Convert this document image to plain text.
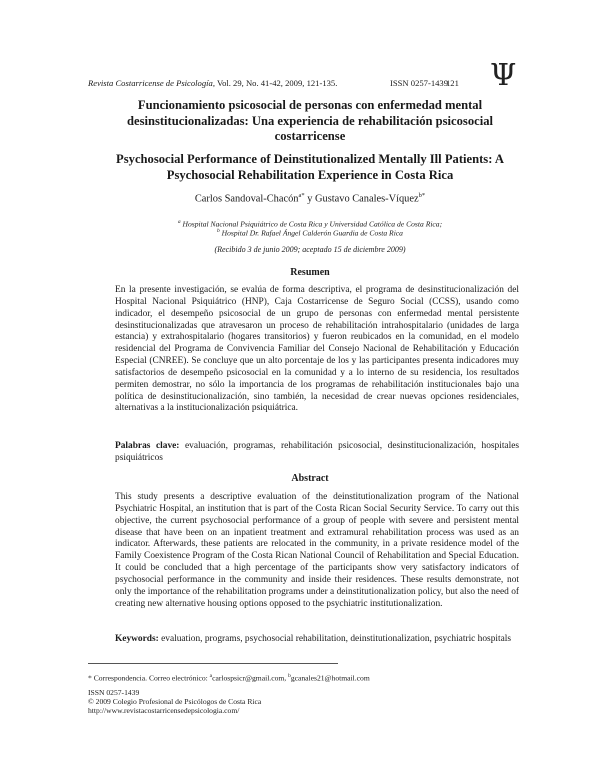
Revista Costarricense de Psicología, Vol. 29, No. 41-42, 2009, 121-135.	ISSN 0257-1439
121 Ψ
Funcionamiento psicosocial de personas con enfermedad mental desinstitucionalizadas: Una experiencia de rehabilitación psicosocial costarricense
Psychosocial Performance of Deinstitutionalized Mentally Ill Patients: A Psychosocial Rehabilitation Experience in Costa Rica
Carlos Sandoval-Chacón$^{a*}$ y Gustavo Canales-Víquez$^{b*}$
$^a$ Hospital Nacional Psiquiátrico de Costa Rica y Universidad Católica de Costa Rica;
$^b$ Hospital Dr. Rafael Ángel Calderón Guardia de Costa Rica
(Recibido 3 de junio 2009; aceptado 15 de diciembre 2009)
Resumen
En la presente investigación, se evalúa de forma descriptiva, el programa de desinstitucionalización del Hospital Nacional Psiquiátrico (HNP), Caja Costarricense de Seguro Social (CCSS), usando como indicador, el desempeño psicosocial de un grupo de personas con enfermedad mental persistente desinstitucionalizadas que atravesaron un proceso de rehabilitación intrahospitalario (unidades de larga estancia) y extrahospitalario (hogares transitorios) y fueron reubicados en la comunidad, en el modelo residencial del Programa de Convivencia Familiar del Consejo Nacional de Rehabilitación y Educación Especial (CNREE). Se concluye que un alto porcentaje de los y las participantes presenta indicadores muy satisfactorios de desempeño psicosocial en la comunidad y a lo interno de su residencia, los resultados permiten demostrar, no sólo la importancia de los programas de rehabilitación institucionales bajo una política de desinstitucionalización, sino también, la necesidad de crear nuevas opciones residenciales, alternativas a la institucionalización psiquiátrica.
Palabras clave: evaluación, programas, rehabilitación psicosocial, desinstitucionalización, hospitales psiquiátricos
Abstract
This study presents a descriptive evaluation of the deinstitutionalization program of the National Psychiatric Hospital, an institution that is part of the Costa Rican Social Security Service. To carry out this objective, the current psychosocial performance of a group of people with severe and persistent mental disease that have been on an inpatient treatment and extramural rehabilitation process was used as an indicator. Afterwards, these patients are relocated in the community, in a private residence model of the Family Coexistence Program of the Costa Rican National Council of Rehabilitation and Special Education. It could be concluded that a high percentage of the participants show very satisfactory indicators of psychosocial performance in the community and inside their residences. These results demonstrate, not only the importance of the rehabilitation programs under a deinstitutionalization policy, but also the need of creating new alternative housing options opposed to the psychiatric institutionalization.
Keywords: evaluation, programs, psychosocial rehabilitation, deinstitutionalization, psychiatric hospitals
* Correspondencia. Correo electrónico: $^a$carlospsicr@gmail.com, $^b$gcanales21@hotmail.com
ISSN 0257-1439
© 2009 Colegio Profesional de Psicólogos de Costa Rica
http://www.revistacostarricensedepsicologia.com/
